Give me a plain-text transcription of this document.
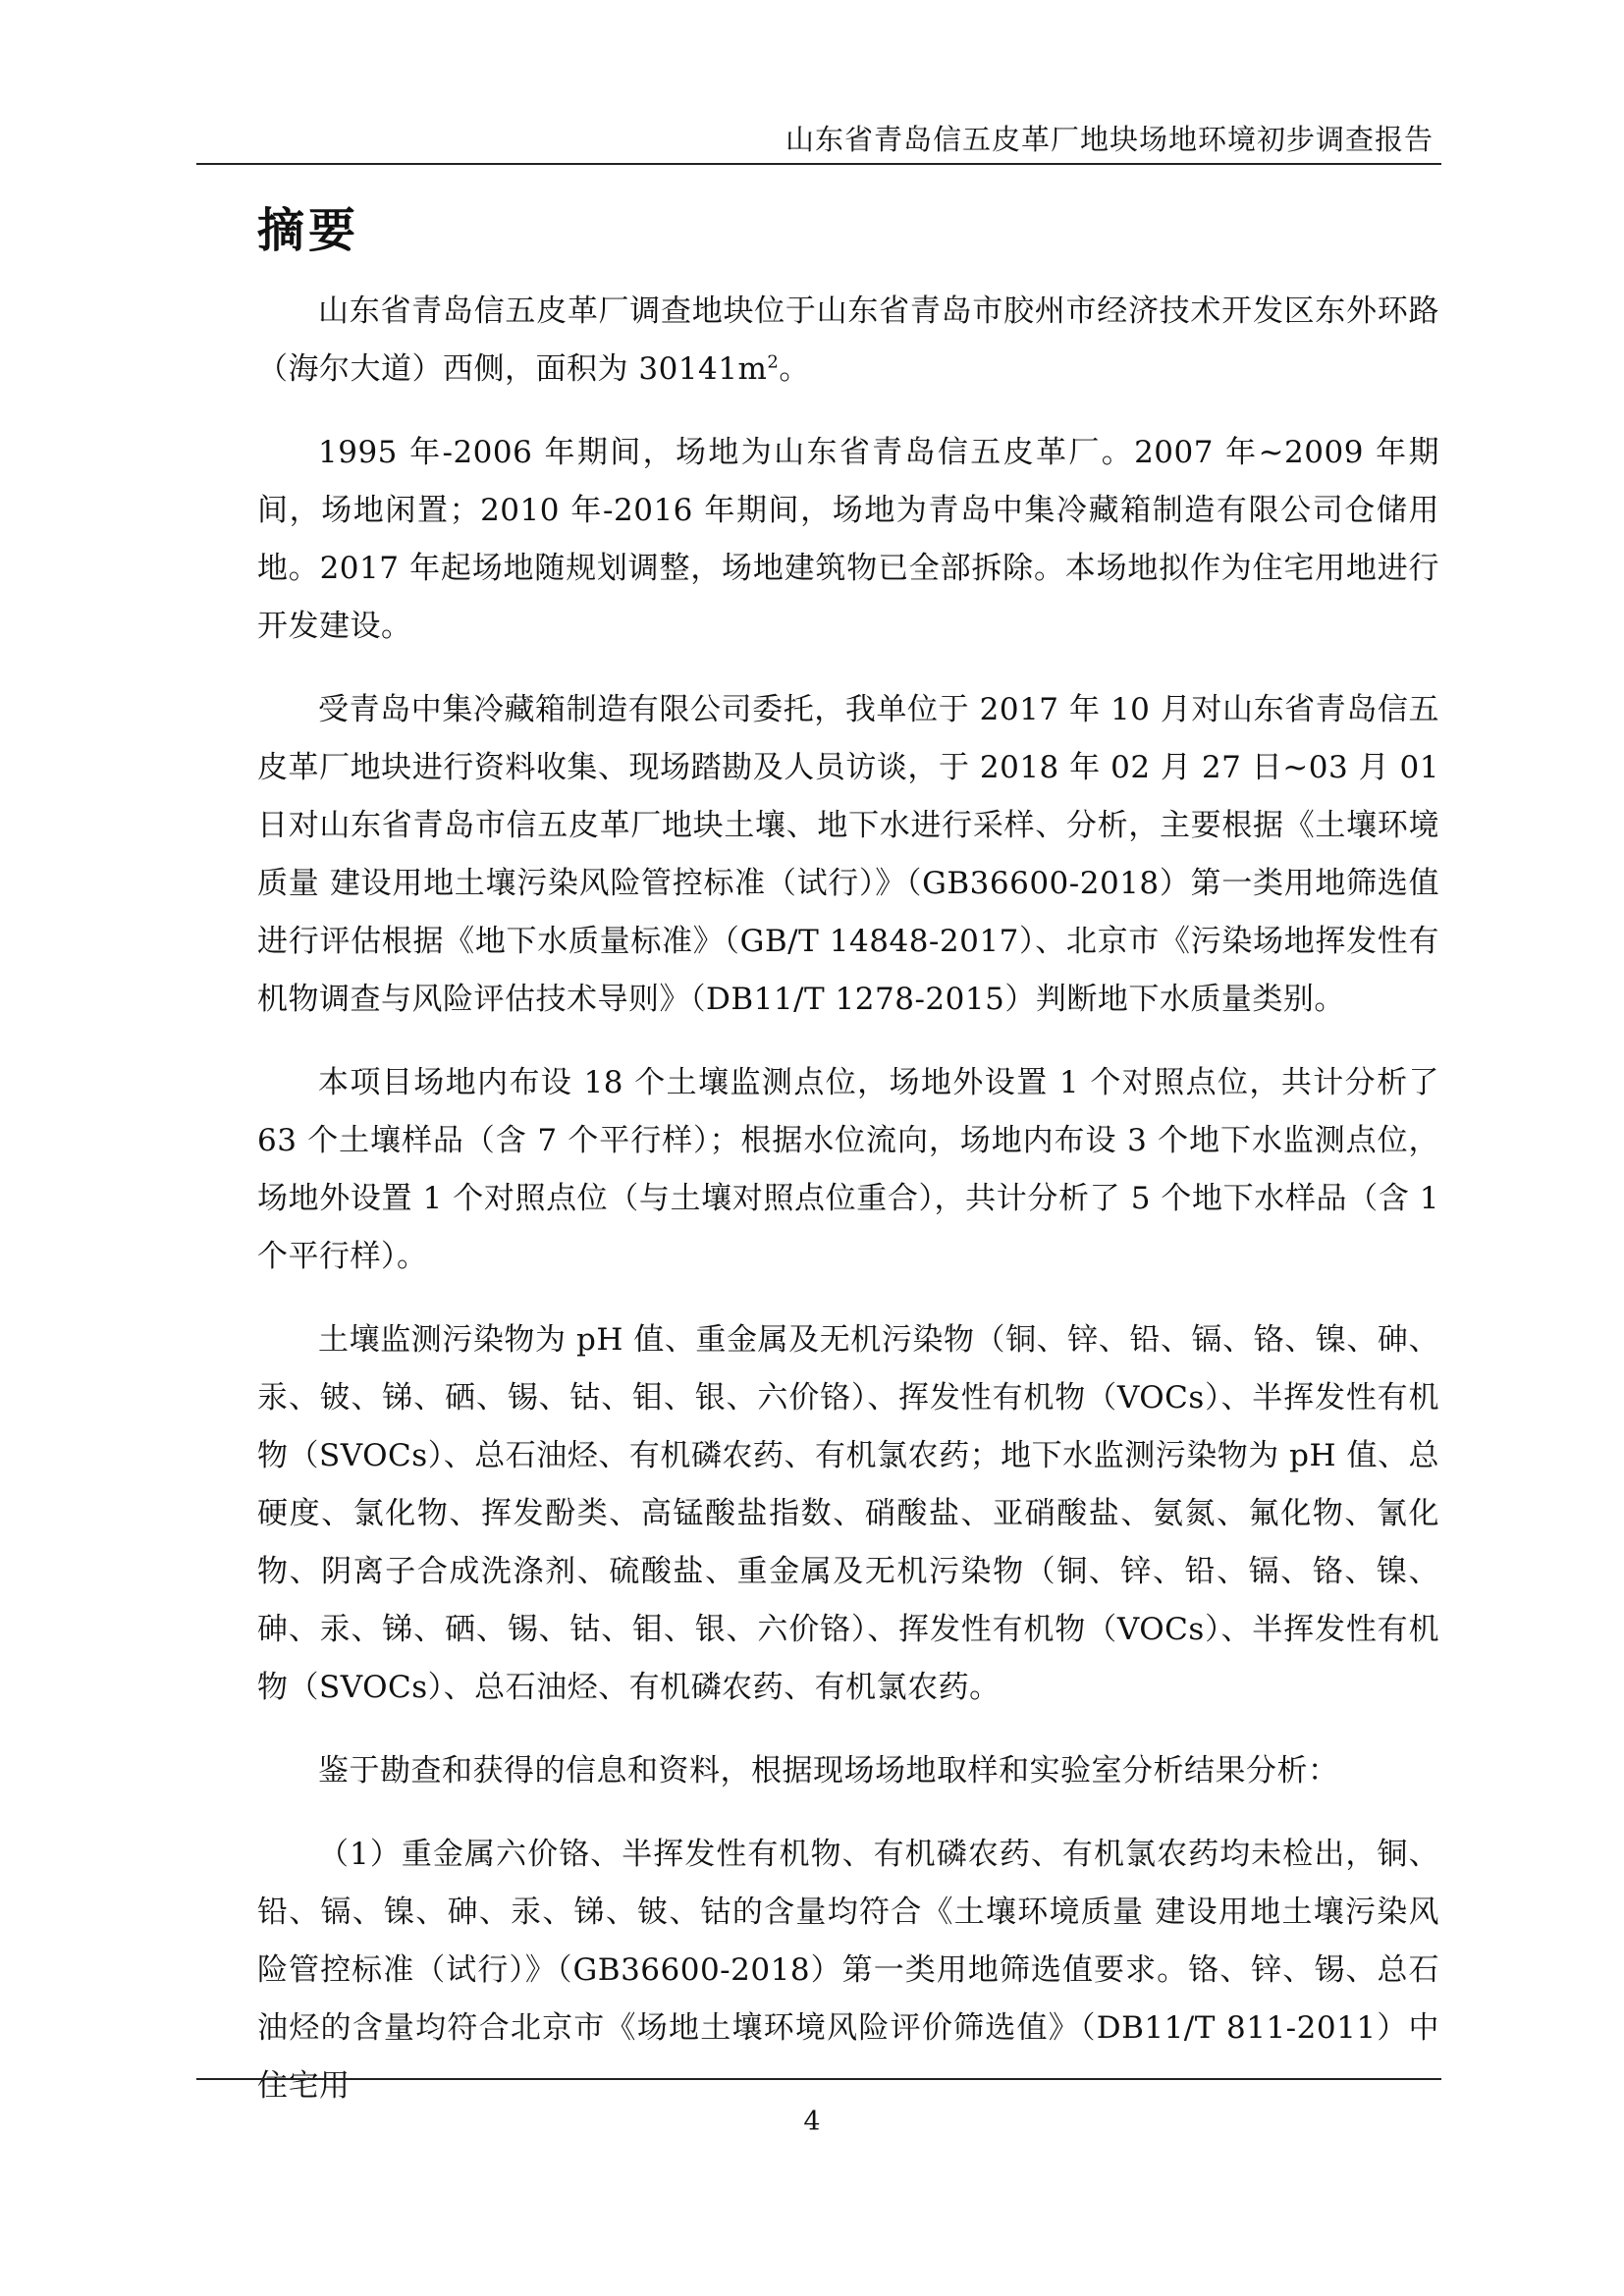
山东省青岛信五皮革厂地块场地环境初步调查报告
摘要

山东省青岛信五皮革厂调查地块位于山东省青岛市胶州市经济技术开发区东外环路（海尔大道）西侧，面积为 $30141m^2$。

1995 年-2006 年期间，场地为山东省青岛信五皮革厂。2007 年~2009 年期间，场地闲置；2010 年-2016 年期间，场地为青岛中集冷藏箱制造有限公司仓储用地。2017 年起场地随规划调整，场地建筑物已全部拆除。本场地拟作为住宅用地进行开发建设。

受青岛中集冷藏箱制造有限公司委托，我单位于 2017 年 10 月对山东省青岛信五皮革厂地块进行资料收集、现场踏勘及人员访谈，于 2018 年 02 月 27 日~03 月 01 日对山东省青岛市信五皮革厂地块土壤、地下水进行采样、分析，主要根据《土壤环境质量 建设用地土壤污染风险管控标准（试行）》（GB36600-2018）第一类用地筛选值进行评估根据《地下水质量标准》（GB/T 14848-2017）、北京市《污染场地挥发性有机物调查与风险评估技术导则》（DB11/T 1278-2015）判断地下水质量类别。

本项目场地内布设 18 个土壤监测点位，场地外设置 1 个对照点位，共计分析了 63 个土壤样品（含 7 个平行样）；根据水位流向，场地内布设 3 个地下水监测点位，场地外设置 1 个对照点位（与土壤对照点位重合），共计分析了 5 个地下水样品（含 1 个平行样）。

土壤监测污染物为 pH 值、重金属及无机污染物（铜、锌、铅、镉、铬、镍、砷、汞、铍、锑、硒、锡、钴、钼、银、六价铬）、挥发性有机物（VOCs）、半挥发性有机物（SVOCs）、总石油烃、有机磷农药、有机氯农药；地下水监测污染物为 pH 值、总硬度、氯化物、挥发酚类、高锰酸盐指数、硝酸盐、亚硝酸盐、氨氮、氟化物、氰化物、阴离子合成洗涤剂、硫酸盐、重金属及无机污染物（铜、锌、铅、镉、铬、镍、砷、汞、锑、硒、锡、钴、钼、银、六价铬）、挥发性有机物（VOCs）、半挥发性有机物（SVOCs）、总石油烃、有机磷农药、有机氯农药。

鉴于勘查和获得的信息和资料，根据现场场地取样和实验室分析结果分析：

（1）重金属六价铬、半挥发性有机物、有机磷农药、有机氯农药均未检出，铜、铅、镉、镍、砷、汞、锑、铍、钴的含量均符合《土壤环境质量 建设用地土壤污染风险管控标准（试行）》（GB36600-2018）第一类用地筛选值要求。铬、锌、锡、总石油烃的含量均符合北京市《场地土壤环境风险评价筛选值》（DB11/T 811-2011）中住宅用

4
